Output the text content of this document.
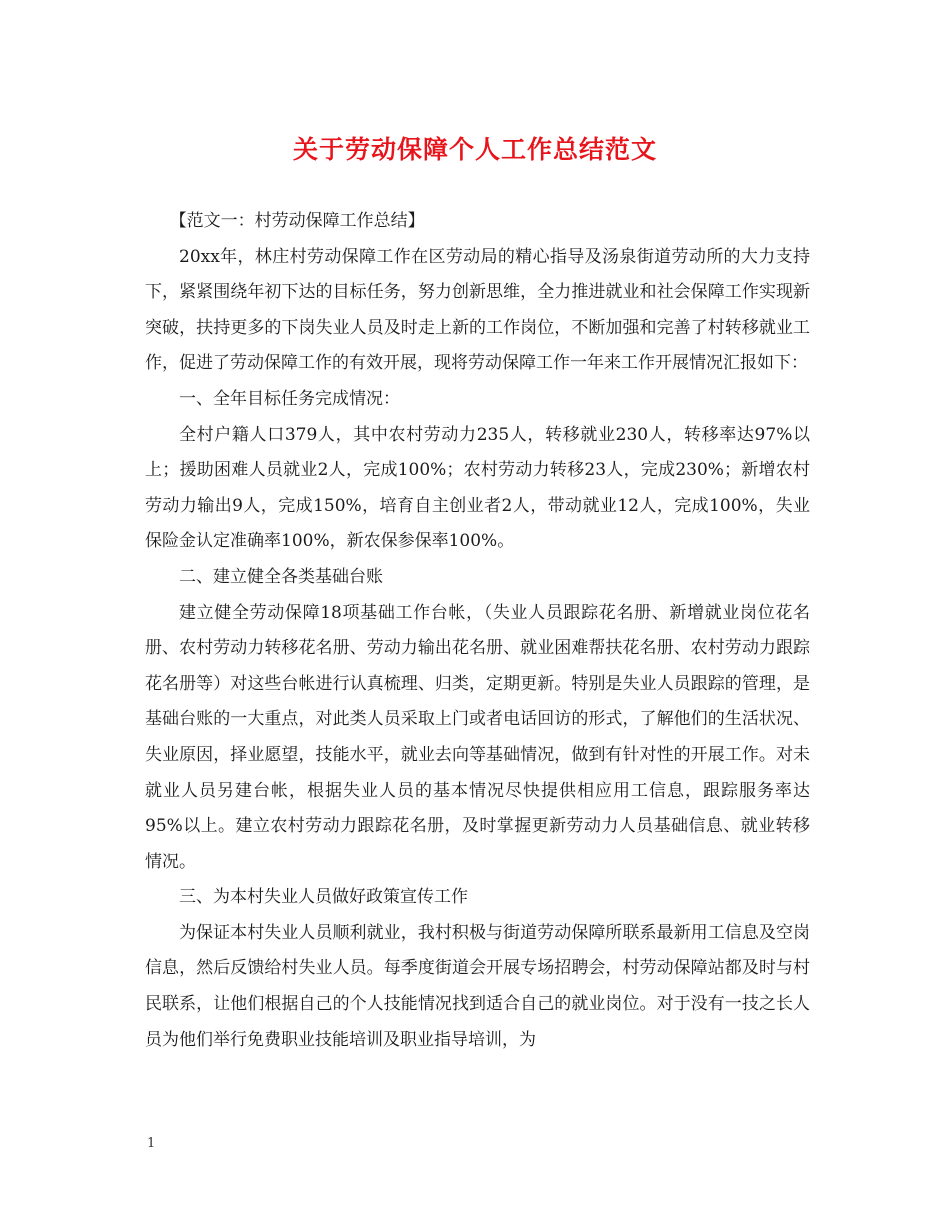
关于劳动保障个人工作总结范文

【范文一：村劳动保障工作总结】

20xx年，林庄村劳动保障工作在区劳动局的精心指导及汤泉街道劳动所的大力支持下，紧紧围绕年初下达的目标任务，努力创新思维，全力推进就业和社会保障工作实现新突破，扶持更多的下岗失业人员及时走上新的工作岗位，不断加强和完善了村转移就业工作，促进了劳动保障工作的有效开展，现将劳动保障工作一年来工作开展情况汇报如下：

一、全年目标任务完成情况：

全村户籍人口379人，其中农村劳动力235人，转移就业230人，转移率达97%以上；援助困难人员就业2人，完成100%；农村劳动力转移23人，完成230%；新增农村劳动力输出9人，完成150%，培育自主创业者2人，带动就业12人，完成100%，失业保险金认定准确率100%，新农保参保率100%。

二、建立健全各类基础台账

建立健全劳动保障18项基础工作台帐，（失业人员跟踪花名册、新增就业岗位花名册、农村劳动力转移花名册、劳动力输出花名册、就业困难帮扶花名册、农村劳动力跟踪花名册等）对这些台帐进行认真梳理、归类，定期更新。特别是失业人员跟踪的管理，是基础台账的一大重点，对此类人员采取上门或者电话回访的形式，了解他们的生活状况、失业原因，择业愿望，技能水平，就业去向等基础情况，做到有针对性的开展工作。对未就业人员另建台帐，根据失业人员的基本情况尽快提供相应用工信息，跟踪服务率达95%以上。建立农村劳动力跟踪花名册，及时掌握更新劳动力人员基础信息、就业转移情况。

三、为本村失业人员做好政策宣传工作

为保证本村失业人员顺利就业，我村积极与街道劳动保障所联系最新用工信息及空岗信息，然后反馈给村失业人员。每季度街道会开展专场招聘会，村劳动保障站都及时与村民联系，让他们根据自己的个人技能情况找到适合自己的就业岗位。对于没有一技之长人员为他们举行免费职业技能培训及职业指导培训，为

1
